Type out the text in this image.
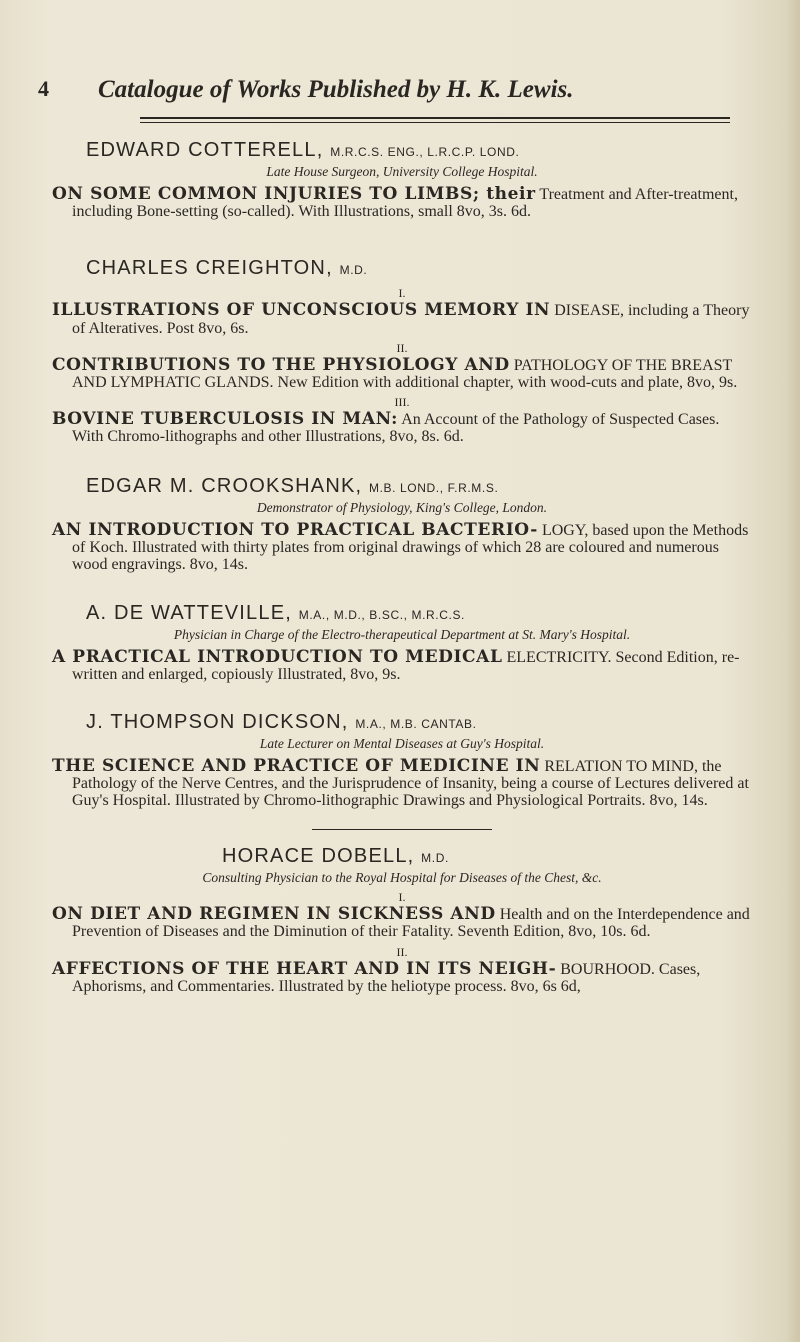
4 Catalogue of Works Published by H. K. Lewis.

EDWARD COTTERELL, M.R.C.S. ENG., L.R.C.P. LOND.

Late House Surgeon, University College Hospital.

ON SOME COMMON INJURIES TO LIMBS; their Treatment and After-treatment, including Bone-setting (so-called). With Illustrations, small 8vo, 3s. 6d.

CHARLES CREIGHTON, M.D.

I.

ILLUSTRATIONS OF UNCONSCIOUS MEMORY IN DISEASE, including a Theory of Alteratives. Post 8vo, 6s.

II.

CONTRIBUTIONS TO THE PHYSIOLOGY AND PATHOLOGY OF THE BREAST AND LYMPHATIC GLANDS. New Edition with additional chapter, with wood-cuts and plate, 8vo, 9s.

III.

BOVINE TUBERCULOSIS IN MAN: An Account of the Pathology of Suspected Cases. With Chromo-lithographs and other Illustrations, 8vo, 8s. 6d.

EDGAR M. CROOKSHANK, M.B. LOND., F.R.M.S.

Demonstrator of Physiology, King's College, London.

AN INTRODUCTION TO PRACTICAL BACTERIO- LOGY, based upon the Methods of Koch. Illustrated with thirty plates from original drawings of which 28 are coloured and numerous wood engravings. 8vo, 14s.

A. DE WATTEVILLE, M.A., M.D., B.SC., M.R.C.S.

Physician in Charge of the Electro-therapeutical Department at St. Mary's Hospital.

A PRACTICAL INTRODUCTION TO MEDICAL ELECTRICITY. Second Edition, re-written and enlarged, copiously Illustrated, 8vo, 9s.

J. THOMPSON DICKSON, M.A., M.B. CANTAB.

Late Lecturer on Mental Diseases at Guy's Hospital.

THE SCIENCE AND PRACTICE OF MEDICINE IN RELATION TO MIND, the Pathology of the Nerve Centres, and the Jurisprudence of Insanity, being a course of Lectures delivered at Guy's Hospital. Illustrated by Chromo-lithographic Drawings and Physiological Portraits. 8vo, 14s.

HORACE DOBELL, M.D.

Consulting Physician to the Royal Hospital for Diseases of the Chest, &c.

I.

ON DIET AND REGIMEN IN SICKNESS AND Health and on the Interdependence and Prevention of Diseases and the Diminution of their Fatality. Seventh Edition, 8vo, 10s. 6d.

II.

AFFECTIONS OF THE HEART AND IN ITS NEIGH- BOURHOOD. Cases, Aphorisms, and Commentaries. Illustrated by the heliotype process. 8vo, 6s 6d,
